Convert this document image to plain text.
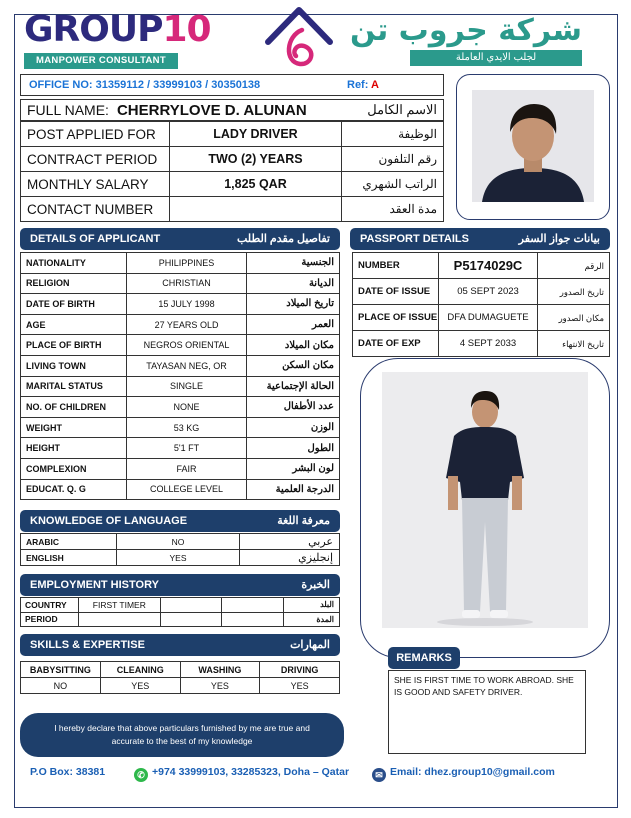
GROUP10
MANPOWER CONSULTANT
شركة جروب تن
لجلب الايدي العاملة
OFFICE NO: 31359112 / 33999103 / 30350138	Ref: A
FULL NAME: CHERRYLOVE D. ALUNAN	الاسم الكامل
POST APPLIED FOR	LADY DRIVER	الوظيفة
CONTRACT PERIOD	TWO (2) YEARS	رقم التلفون
MONTHLY SALARY	1,825 QAR	الراتب الشهري
CONTACT NUMBER		مدة العقد
DETAILS OF APPLICANT	تفاصيل مقدم الطلب
NATIONALITY	PHILIPPINES	الجنسية
RELIGION	CHRISTIAN	الديانة
DATE OF BIRTH	15 JULY 1998	تاريخ الميلاد
AGE	27 YEARS OLD	العمر
PLACE OF BIRTH	NEGROS ORIENTAL	مكان الميلاد
LIVING TOWN	TAYASAN NEG, OR	مكان السكن
MARITAL STATUS	SINGLE	الحالة الإجتماعية
NO. OF CHILDREN	NONE	عدد الأطفال
WEIGHT	53 KG	الوزن
HEIGHT	5'1 FT	الطول
COMPLEXION	FAIR	لون البشر
EDUCAT. Q. G	COLLEGE LEVEL	الدرجة العلمية
PASSPORT DETAILS	بيانات جواز السفر
NUMBER	P5174029C	الرقم
DATE OF ISSUE	05 SEPT 2023	تاريخ الصدور
PLACE OF ISSUE	DFA DUMAGUETE	مكان الصدور
DATE OF EXP	4 SEPT 2033	تاريخ الانتهاء
KNOWLEDGE OF LANGUAGE	معرفة اللغة
ARABIC	NO	عربي
ENGLISH	YES	إنجليزي
EMPLOYMENT HISTORY	الخبرة
COUNTRY	FIRST TIMER			البلد
PERIOD				المدة
SKILLS & EXPERTISE	المهارات
BABYSITTING	CLEANING	WASHING	DRIVING
NO	YES	YES	YES
REMARKS
SHE IS FIRST TIME TO WORK ABROAD. SHE IS GOOD AND SAFETY DRIVER.
I hereby declare that above particulars furnished by me are true and accurate to the best of my knowledge
P.O Box: 38381	✆ +974 33999103, 33285323, Doha – Qatar	✉ Email: dhez.group10@gmail.com
